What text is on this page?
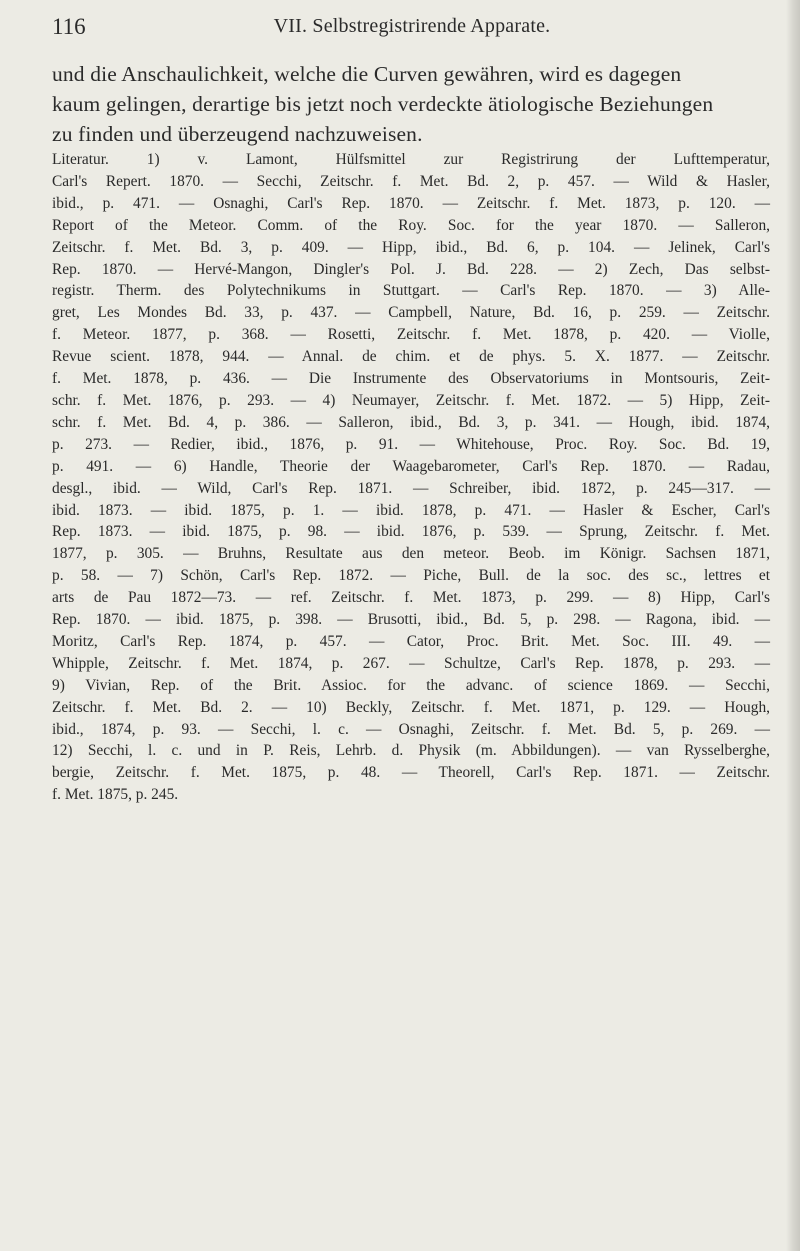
116	VII. Selbstregistrirende Apparate.
und die Anschaulichkeit, welche die Curven gewähren, wird es dagegen
kaum gelingen, derartige bis jetzt noch verdeckte ätiologische Beziehungen
zu finden und überzeugend nachzuweisen.
Literatur. 1) v. Lamont, Hülfsmittel zur Registrirung der Lufttemperatur,
Carl's Repert. 1870. — Secchi, Zeitschr. f. Met. Bd. 2, p. 457. — Wild & Hasler,
ibid., p. 471. — Osnaghi, Carl's Rep. 1870. — Zeitschr. f. Met. 1873, p. 120. —
Report of the Meteor. Comm. of the Roy. Soc. for the year 1870. — Salleron,
Zeitschr. f. Met. Bd. 3, p. 409. — Hipp, ibid., Bd. 6, p. 104. — Jelinek, Carl's
Rep. 1870. — Hervé-Mangon, Dingler's Pol. J. Bd. 228. — 2) Zech, Das selbst-
registr. Therm. des Polytechnikums in Stuttgart. — Carl's Rep. 1870. — 3) Alle-
gret, Les Mondes Bd. 33, p. 437. — Campbell, Nature, Bd. 16, p. 259. — Zeitschr.
f. Meteor. 1877, p. 368. — Rosetti, Zeitschr. f. Met. 1878, p. 420. — Violle,
Revue scient. 1878, 944. — Annal. de chim. et de phys. 5. X. 1877. — Zeitschr.
f. Met. 1878, p. 436. — Die Instrumente des Observatoriums in Montsouris, Zeit-
schr. f. Met. 1876, p. 293. — 4) Neumayer, Zeitschr. f. Met. 1872. — 5) Hipp, Zeit-
schr. f. Met. Bd. 4, p. 386. — Salleron, ibid., Bd. 3, p. 341. — Hough, ibid. 1874,
p. 273. — Redier, ibid., 1876, p. 91. — Whitehouse, Proc. Roy. Soc. Bd. 19,
p. 491. — 6) Handle, Theorie der Waagebarometer, Carl's Rep. 1870. — Radau,
desgl., ibid. — Wild, Carl's Rep. 1871. — Schreiber, ibid. 1872, p. 245—317. —
ibid. 1873. — ibid. 1875, p. 1. — ibid. 1878, p. 471. — Hasler & Escher, Carl's
Rep. 1873. — ibid. 1875, p. 98. — ibid. 1876, p. 539. — Sprung, Zeitschr. f. Met.
1877, p. 305. — Bruhns, Resultate aus den meteor. Beob. im Königr. Sachsen 1871,
p. 58. — 7) Schön, Carl's Rep. 1872. — Piche, Bull. de la soc. des sc., lettres et
arts de Pau 1872—73. — ref. Zeitschr. f. Met. 1873, p. 299. — 8) Hipp, Carl's
Rep. 1870. — ibid. 1875, p. 398. — Brusotti, ibid., Bd. 5, p. 298. — Ragona, ibid. —
Moritz, Carl's Rep. 1874, p. 457. — Cator, Proc. Brit. Met. Soc. III. 49. —
Whipple, Zeitschr. f. Met. 1874, p. 267. — Schultze, Carl's Rep. 1878, p. 293. —
9) Vivian, Rep. of the Brit. Assioc. for the advanc. of science 1869. — Secchi,
Zeitschr. f. Met. Bd. 2. — 10) Beckly, Zeitschr. f. Met. 1871, p. 129. — Hough,
ibid., 1874, p. 93. — Secchi, l. c. — Osnaghi, Zeitschr. f. Met. Bd. 5, p. 269. —
12) Secchi, l. c. und in P. Reis, Lehrb. d. Physik (m. Abbildungen). — van Rysselberghe,
bergie, Zeitschr. f. Met. 1875, p. 48. — Theorell, Carl's Rep. 1871. — Zeitschr.
f. Met. 1875, p. 245.
